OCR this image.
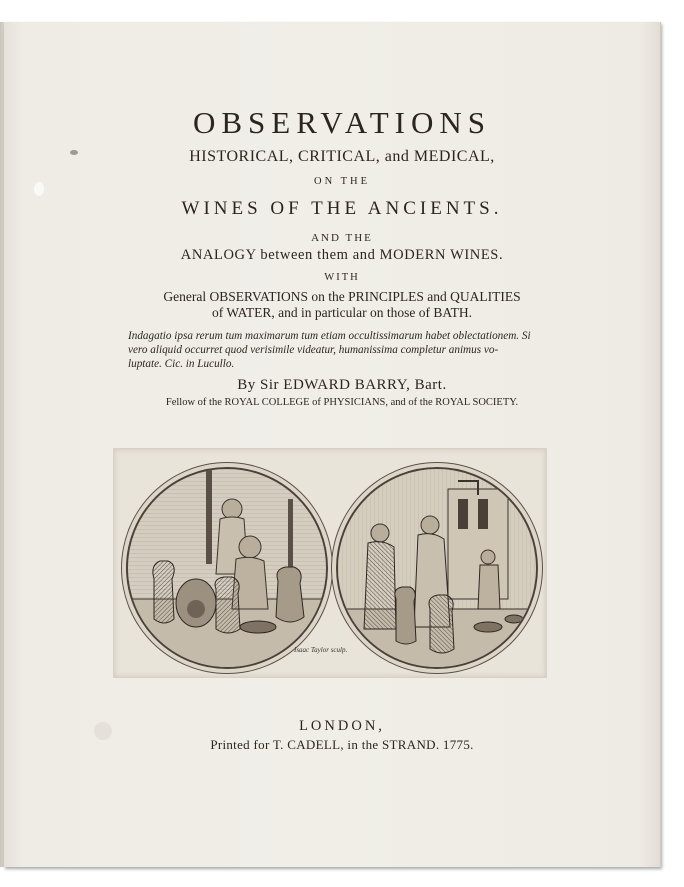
OBSERVATIONS
HISTORICAL, CRITICAL, and MEDICAL,
ON THE
WINES OF THE ANCIENTS.
AND THE
ANALOGY between them and MODERN WINES.
WITH
General OBSERVATIONS on the PRINCIPLES and QUALITIES
of WATER, and in particular on those of BATH.
Indagatio ipsa rerum tum maximarum tum etiam occultissimarum habet oblectationem. Si
vero aliquid occurret quod verisimile videatur, humanissima completur animus vo-
luptate. Cic. in Lucullo.
By Sir EDWARD BARRY, Bart.
Fellow of the ROYAL COLLEGE of PHYSICIANS, and of the ROYAL SOCIETY.
Isaac Taylor sculp.
LONDON,
Printed for T. CADELL, in the STRAND. 1775.
